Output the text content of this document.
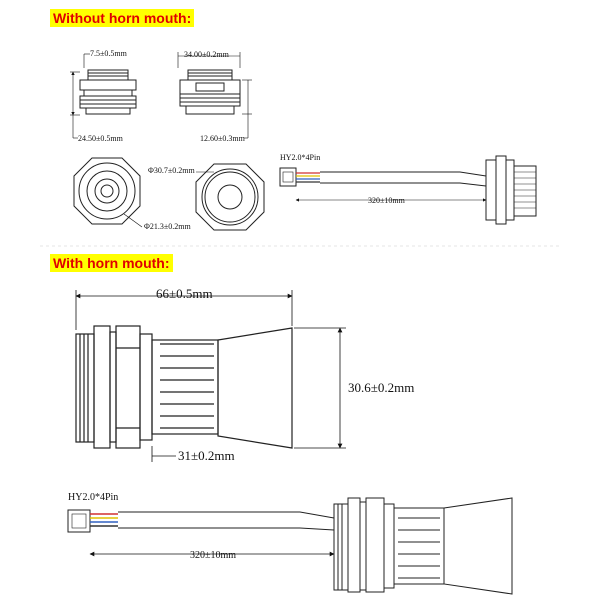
Without horn mouth:
With horn mouth:
7.5±0.5mm
24.50±0.5mm
34.00±0.2mm
12.60±0.3mm
Φ21.3±0.2mm
Φ30.7±0.2mm
HY2.0*4Pin
320±10mm
66±0.5mm
30.6±0.2mm
31±0.2mm
HY2.0*4Pin
320±10mm
